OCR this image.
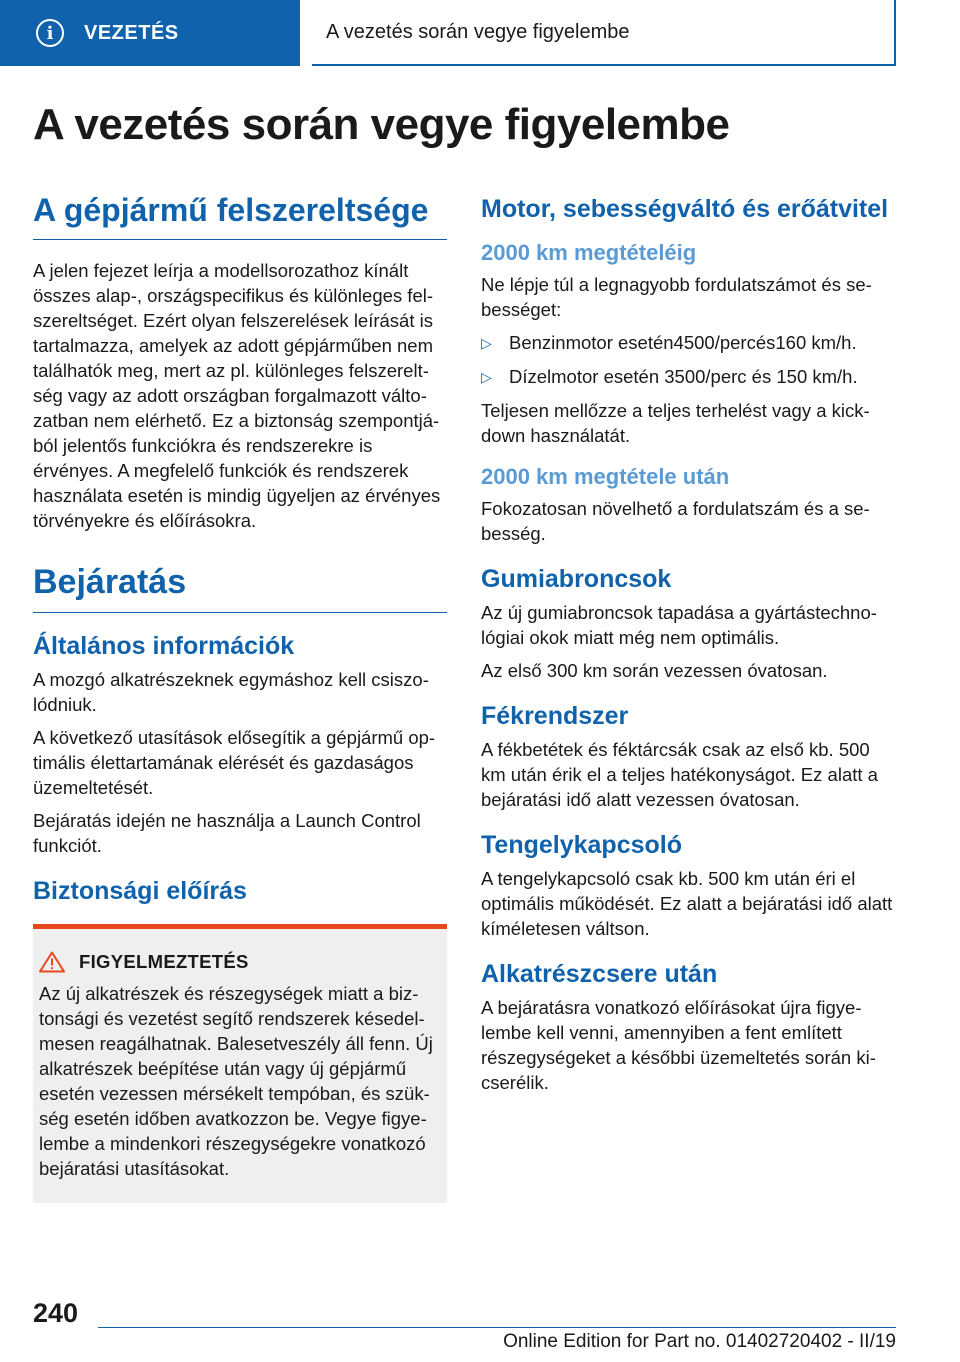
i	VEZETÉS	A vezetés során vegye figyelembe
A vezetés során vegye figyelembe
A gépjármű felszereltsége

A jelen fejezet leírja a modellsorozathoz kínált összes alap-, országspecifikus és különleges fel-szereltséget. Ezért olyan felszerelések leírását is tartalmazza, amelyek az adott gépjárműben nem találhatók meg, mert az pl. különleges felszerelt-ség vagy az adott országban forgalmazott válto-zatban nem elérhető. Ez a biztonság szempontjá-ból jelentős funkciókra és rendszerekre is érvényes. A megfelelő funkciók és rendszerek használata esetén is mindig ügyeljen az érvényes törvényekre és előírásokra.

Bejáratás
Általános információk

A mozgó alkatrészeknek egymáshoz kell csiszo-lódniuk.

A következő utasítások elősegítik a gépjármű op-timális élettartamának elérését és gazdaságos üzemeltetését.

Bejáratás idején ne használja a Launch Control funkciót.

Biztonsági előírás
FIGYELMEZTETÉS

Az új alkatrészek és részegységek miatt a biz-tonsági és vezetést segítő rendszerek késedel-mesen reagálhatnak. Balesetveszély áll fenn. Új alkatrészek beépítése után vagy új gépjármű esetén vezessen mérsékelt tempóban, és szük-ség esetén időben avatkozzon be. Vegye figye-lembe a mindenkori részegységekre vonatkozó bejáratási utasításokat.

Motor, sebességváltó és erőátvitel
2000 km megtételéig

Ne lépje túl a legnagyobb fordulatszámot és se-bességet:

▷ Benzinmotor esetén4500/percés160 km/h.
▷ Dízelmotor esetén 3500/perc és 150 km/h.

Teljesen mellőzze a teljes terhelést vagy a kick-down használatát.

2000 km megtétele után

Fokozatosan növelhető a fordulatszám és a se-besség.

Gumiabroncsok

Az új gumiabroncsok tapadása a gyártástechno-lógiai okok miatt még nem optimális.

Az első 300 km során vezessen óvatosan.

Fékrendszer

A fékbetétek és féktárcsák csak az első kb. 500 km után érik el a teljes hatékonyságot. Ez alatt a bejáratási idő alatt vezessen óvatosan.

Tengelykapcsoló

A tengelykapcsoló csak kb. 500 km után éri el optimális működését. Ez alatt a bejáratási idő alatt kíméletesen váltson.

Alkatrészcsere után

A bejáratásra vonatkozó előírásokat újra figye-lembe kell venni, amennyiben a fent említett részegységeket a későbbi üzemeltetés során ki-cserélik.

240
Online Edition for Part no. 01402720402 - II/19
